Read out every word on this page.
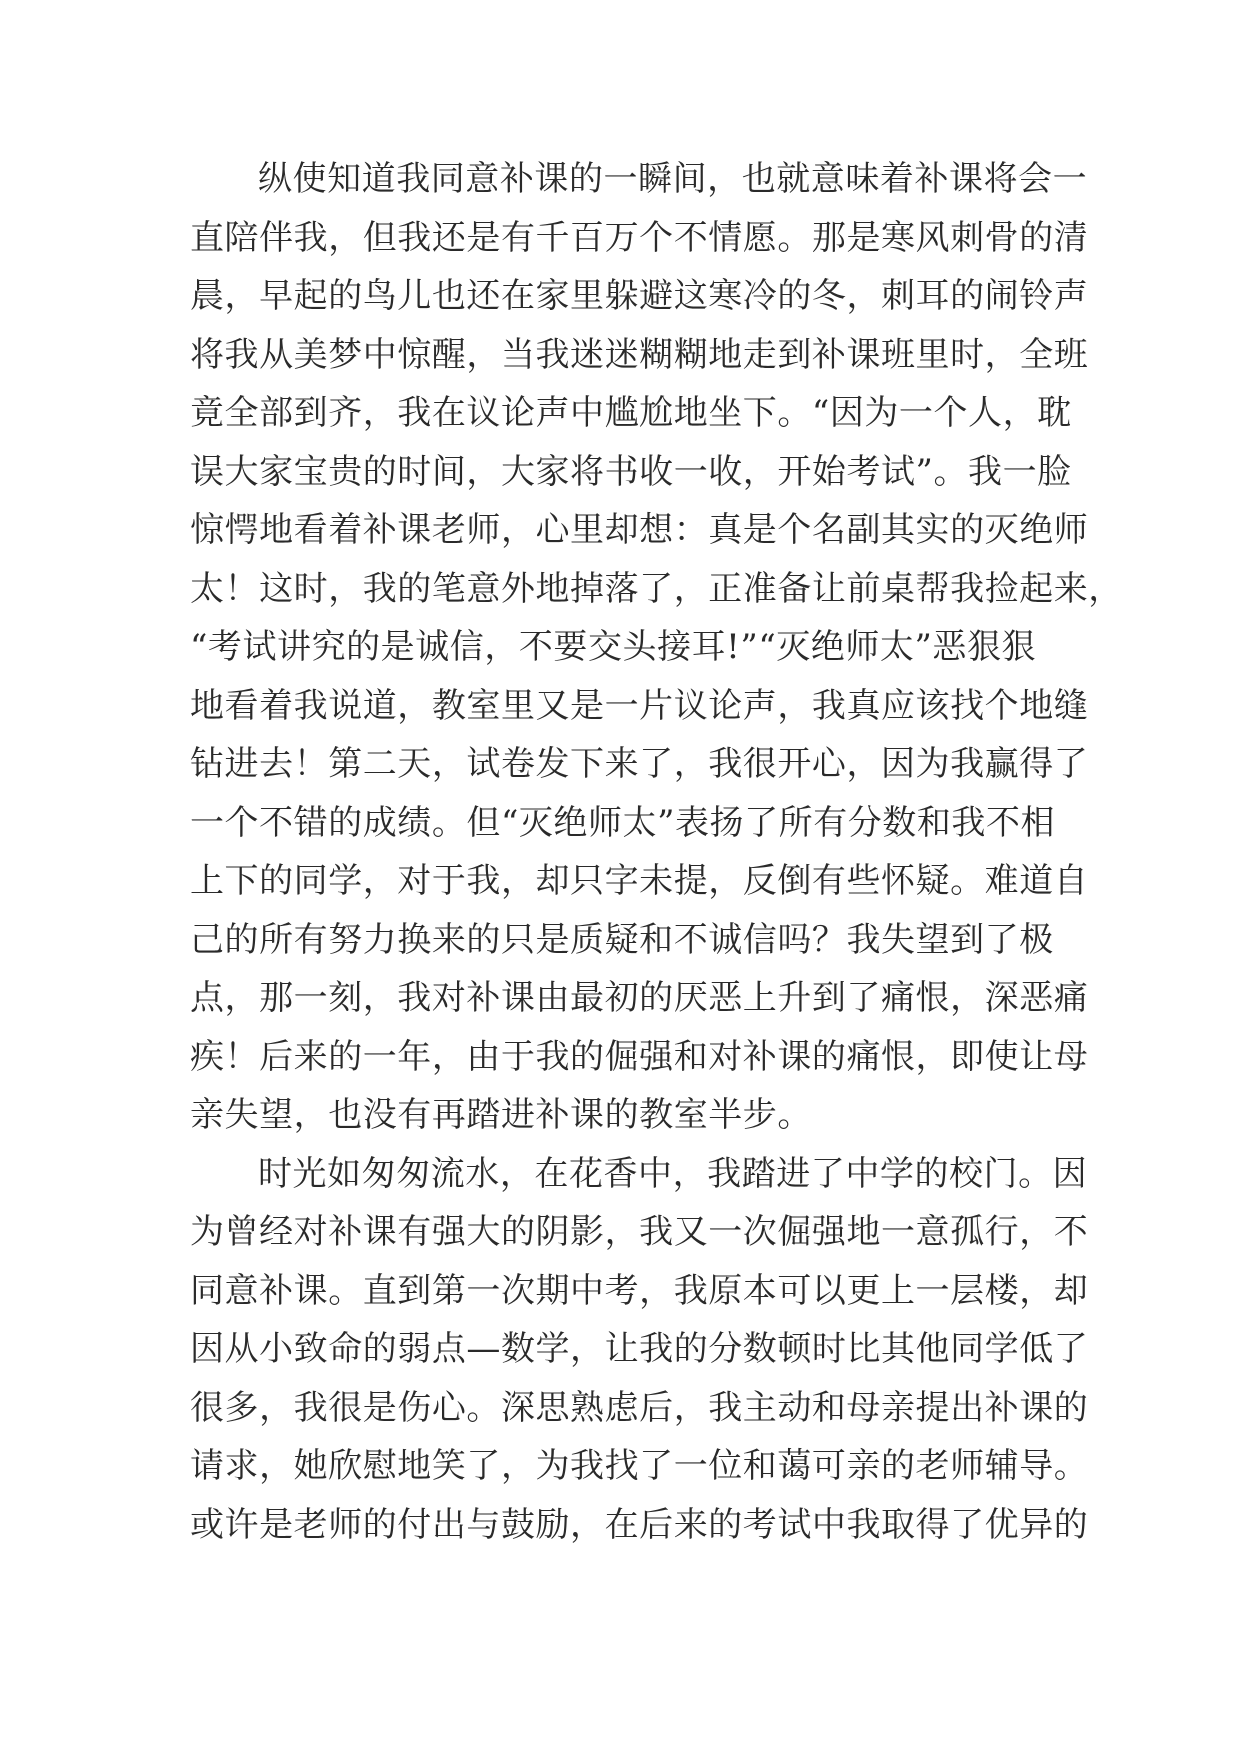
纵使知道我同意补课的一瞬间，也就意味着补课将会一
直陪伴我，但我还是有千百万个不情愿。那是寒风刺骨的清
晨，早起的鸟儿也还在家里躲避这寒冷的冬，刺耳的闹铃声
将我从美梦中惊醒，当我迷迷糊糊地走到补课班里时，全班
竟全部到齐，我在议论声中尴尬地坐下。“因为一个人，耽
误大家宝贵的时间，大家将书收一收，开始考试”。我一脸
惊愕地看着补课老师，心里却想：真是个名副其实的灭绝师
太！这时，我的笔意外地掉落了，正准备让前桌帮我捡起来，
“考试讲究的是诚信，不要交头接耳!”“灭绝师太”恶狠狠
地看着我说道，教室里又是一片议论声，我真应该找个地缝
钻进去！第二天，试卷发下来了，我很开心，因为我赢得了
一个不错的成绩。但“灭绝师太”表扬了所有分数和我不相
上下的同学，对于我，却只字未提，反倒有些怀疑。难道自
己的所有努力换来的只是质疑和不诚信吗？我失望到了极
点，那一刻，我对补课由最初的厌恶上升到了痛恨，深恶痛
疾！后来的一年，由于我的倔强和对补课的痛恨，即使让母
亲失望，也没有再踏进补课的教室半步。
时光如匆匆流水，在花香中，我踏进了中学的校门。因
为曾经对补课有强大的阴影，我又一次倔强地一意孤行，不
同意补课。直到第一次期中考，我原本可以更上一层楼，却
因从小致命的弱点—数学，让我的分数顿时比其他同学低了
很多，我很是伤心。深思熟虑后，我主动和母亲提出补课的
请求，她欣慰地笑了，为我找了一位和蔼可亲的老师辅导。
或许是老师的付出与鼓励，在后来的考试中我取得了优异的
